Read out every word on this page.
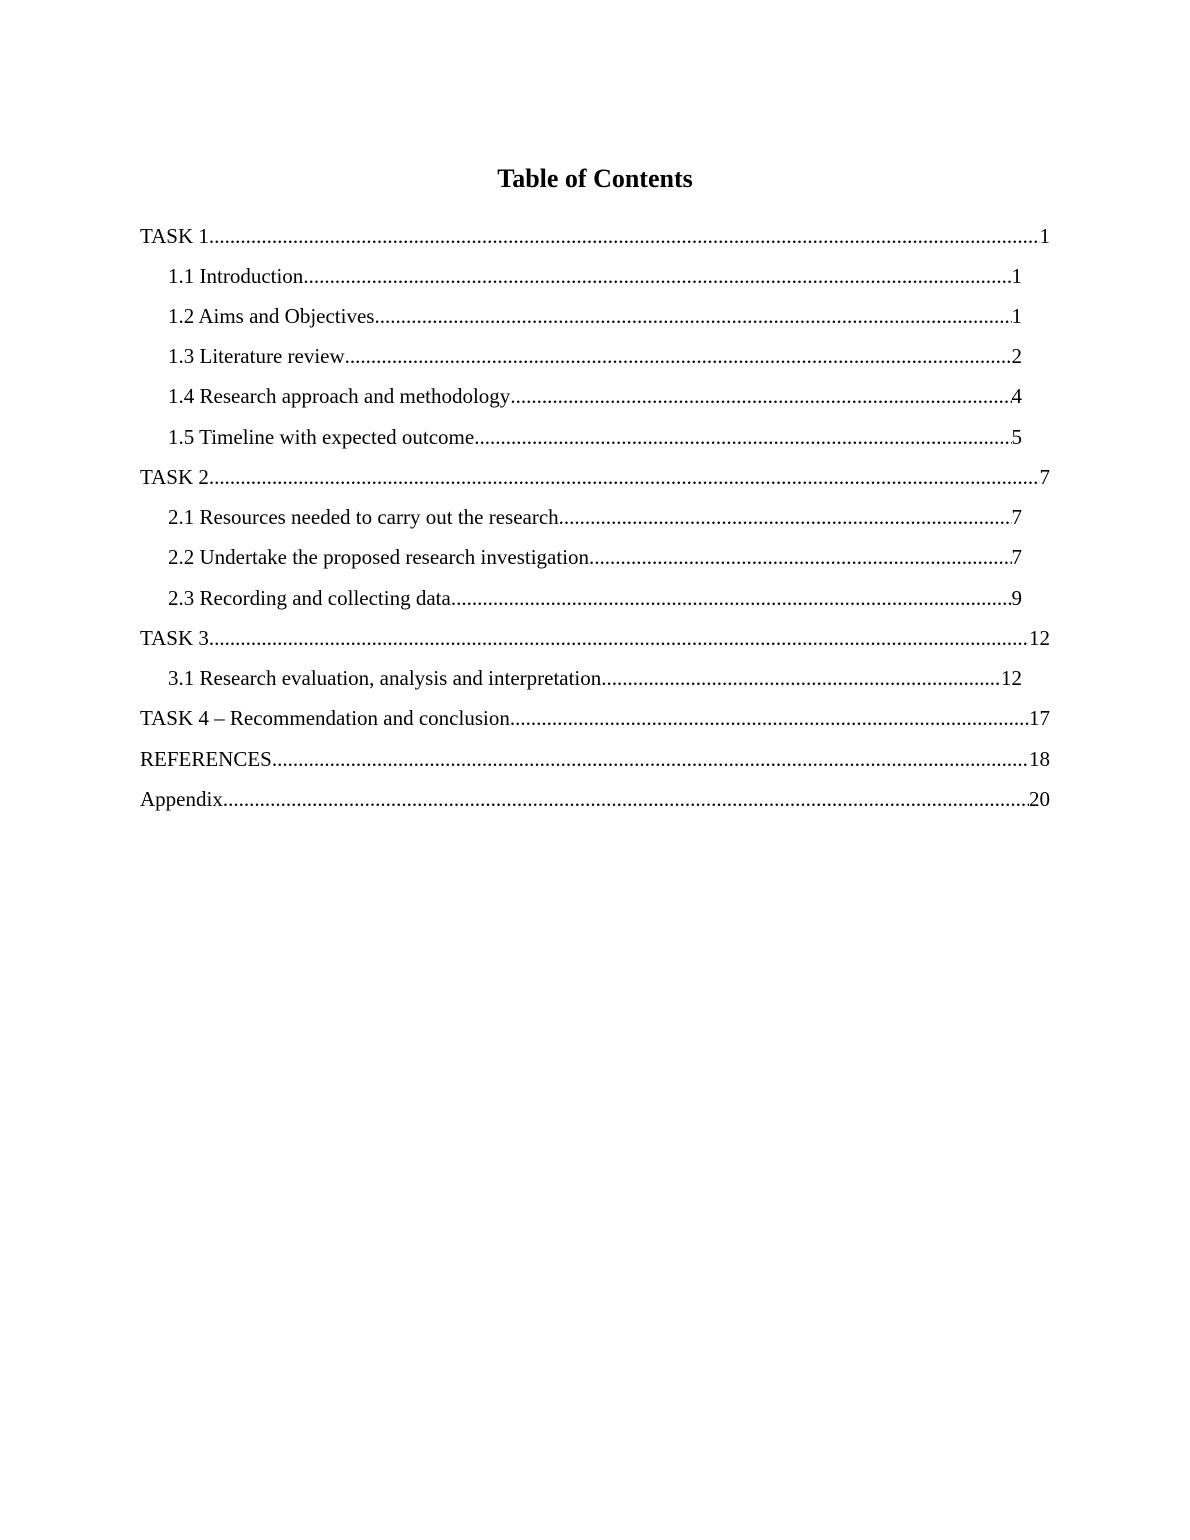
Table of Contents
TASK 1 .....	1
1.1 Introduction .....	1
1.2 Aims and Objectives .....	1
1.3 Literature review .....	2
1.4 Research approach and methodology .....	4
1.5 Timeline with expected outcome .....	5
TASK 2 .....	7
2.1 Resources needed to carry out the research .....	7
2.2 Undertake the proposed research investigation .....	7
2.3 Recording and collecting data .....	9
TASK 3 .....	12
3.1 Research evaluation, analysis and interpretation .....	12
TASK 4 – Recommendation and conclusion .....	17
REFERENCES .....	18
Appendix .....	20
